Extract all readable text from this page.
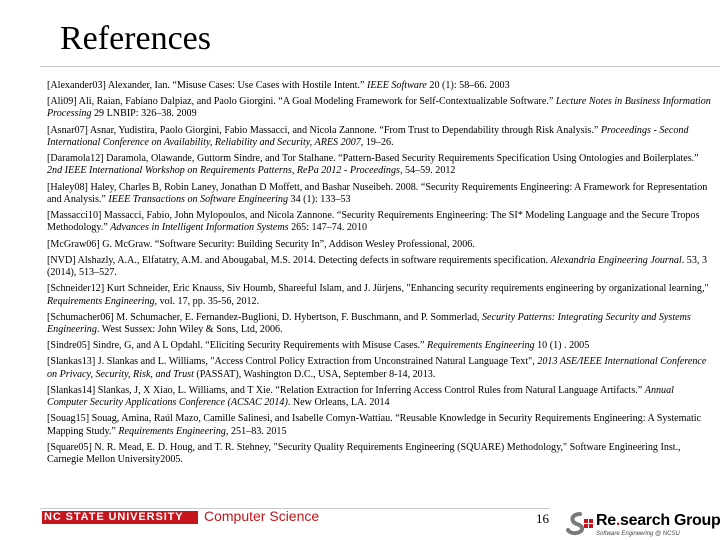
References
[Alexander03] Alexander, Ian. “Misuse Cases: Use Cases with Hostile Intent.” IEEE Software 20 (1): 58–66. 2003
[Ali09] Ali, Raian, Fabiano Dalpiaz, and Paolo Giorgini. “A Goal Modeling Framework for Self-Contextualizable Software.” Lecture Notes in Business Information Processing 29 LNBIP: 326–38. 2009
[Asnar07] Asnar, Yudistira, Paolo Giorgini, Fabio Massacci, and Nicola Zannone. “From Trust to Dependability through Risk Analysis.” Proceedings - Second International Conference on Availability, Reliability and Security, ARES 2007, 19–26.
[Daramola12] Daramola, Olawande, Guttorm Sindre, and Tor Stalhane. “Pattern-Based Security Requirements Specification Using Ontologies and Boilerplates.” 2nd IEEE International Workshop on Requirements Patterns, RePa 2012 - Proceedings, 54–59. 2012
[Haley08] Haley, Charles B, Robin Laney, Jonathan D Moffett, and Bashar Nuseibeh. 2008. “Security Requirements Engineering: A Framework for Representation and Analysis.” IEEE Transactions on Software Engineering 34 (1): 133–53
[Massacci10] Massacci, Fabio, John Mylopoulos, and Nicola Zannone. “Security Requirements Engineering: The SI* Modeling Language and the Secure Tropos Methodology.” Advances in Intelligent Information Systems 265: 147–74. 2010
[McGraw06] G. McGraw. “Software Security: Building Security In”, Addison Wesley Professional, 2006.
[NVD] Alshazly, A.A., Elfatatry, A.M. and Abougabal, M.S. 2014. Detecting defects in software requirements specification. Alexandria Engineering Journal. 53, 3 (2014), 513–527.
[Schneider12] Kurt Schneider, Eric Knauss, Siv Houmb, Shareeful Islam, and J. Jürjens, "Enhancing security requirements engineering by organizational learning," Requirements Engineering, vol. 17, pp. 35-56, 2012.
[Schumacher06] M. Schumacher, E. Fernandez-Buglioni, D. Hybertson, F. Buschmann, and P. Sommerlad, Security Patterns: Integrating Security and Systems Engineering. West Sussex: John Wiley & Sons, Ltd, 2006.
[Sindre05] Sindre, G, and A L Opdahl. “Eliciting Security Requirements with Misuse Cases.” Requirements Engineering 10 (1) . 2005
[Slankas13] J. Slankas and L. Williams, "Access Control Policy Extraction from Unconstrained Natural Language Text", 2013 ASE/IEEE International Conference on Privacy, Security, Risk, and Trust (PASSAT), Washington D.C., USA, September 8-14, 2013.
[Slankas14] Slankas, J, X Xiao, L. Williams, and T Xie. “Relation Extraction for Inferring Access Control Rules from Natural Language Artifacts.” Annual Computer Security Applications Conference (ACSAC 2014). New Orleans, LA. 2014
[Souag15] Souag, Amina, Raúl Mazo, Camille Salinesi, and Isabelle Comyn-Wattiau. “Reusable Knowledge in Security Requirements Engineering: A Systematic Mapping Study.” Requirements Engineering, 251–83. 2015
[Square05] N. R. Mead, E. D. Houg, and T. R. Stehney, "Security Quality Requirements Engineering (SQUARE) Methodology," Software Engineering Inst., Carnegie Mellon University2005.
NC STATE UNIVERSITY	Computer Science	16	Re.search Group
Software Engineering @ NCSU
